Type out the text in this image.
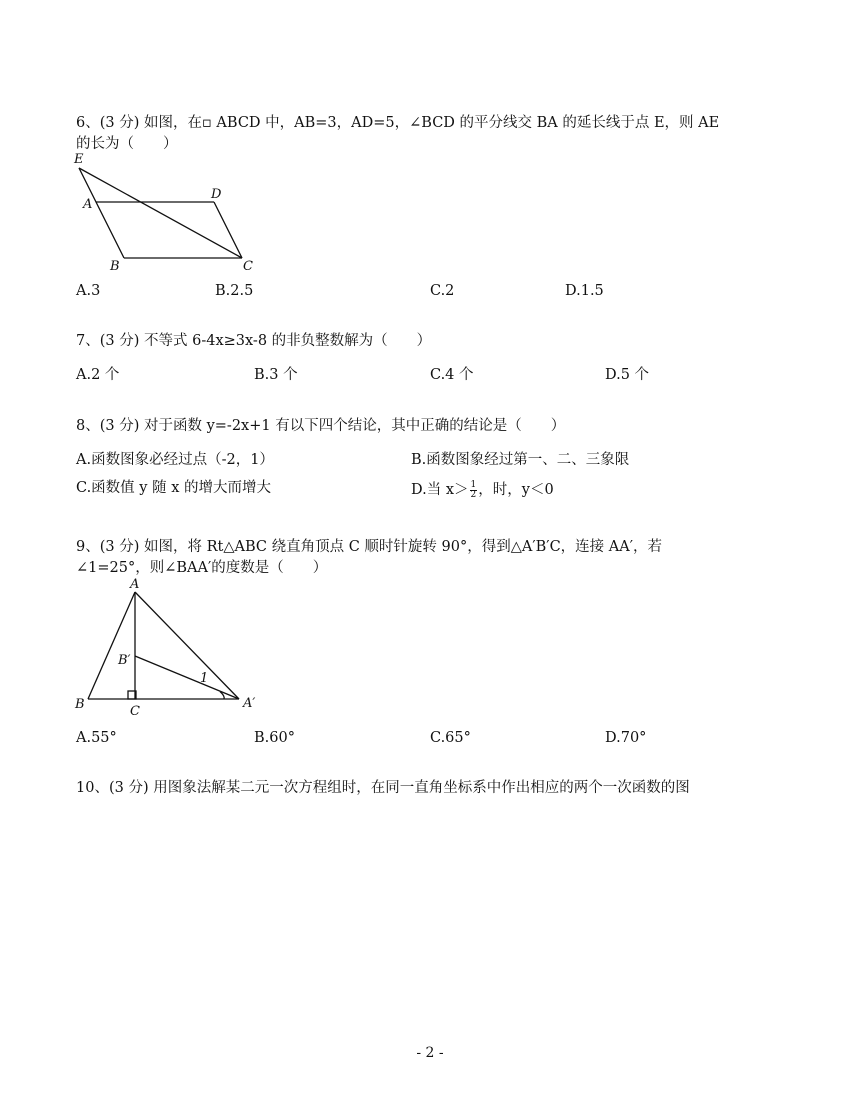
6、(3 分) 如图，在▫ ABCD 中，AB=3，AD=5，∠BCD 的平分线交 BA 的延长线于点 E，则 AE
的长为（　　）
E
A
D
B	C
A.3	B.2.5	C.2	D.1.5
7、(3 分) 不等式 6-4x≥3x-8 的非负整数解为（　　）
A.2 个	B.3 个	C.4 个	D.5 个
8、(3 分) 对于函数 y=-2x+1 有以下四个结论，其中正确的结论是（　　）
A.函数图象必经过点（-2，1）	B.函数图象经过第一、二、三象限
C.函数值 y 随 x 的增大而增大	D.当 $x> \frac{1}{2}$ ，时，y＜0
9、(3 分) 如图，将 Rt△ABC 绕直角顶点 C 顺时针旋转 90°，得到△A′B′C，连接 AA′，若
∠1=25°，则∠BAA′的度数是（　　）
A
B′
1
B	C
A′
A.55°	B.60°	C.65°	D.70°
10、(3 分) 用图象法解某二元一次方程组时，在同一直角坐标系中作出相应的两个一次函数的图
- 2 -
